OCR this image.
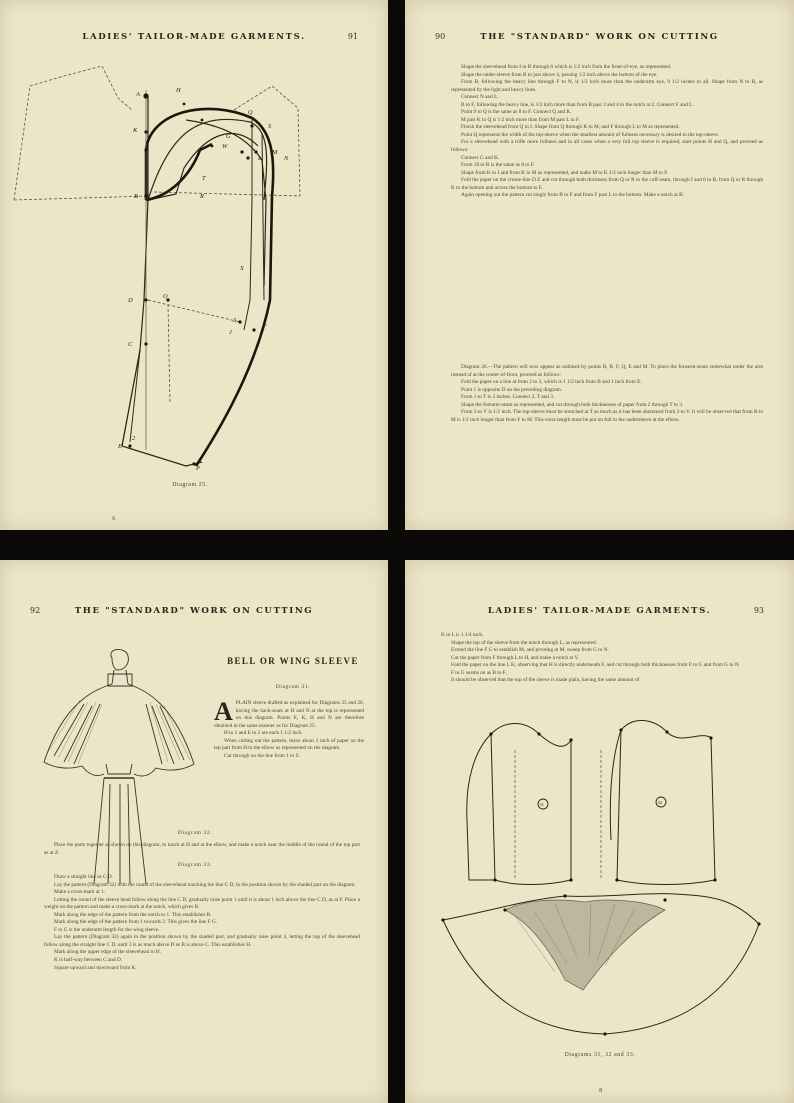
LADIES' TAILOR-MADE GARMENTS.	91
A
K
B
O
D
C
E
J
H
F
G
Q
S
P
M
T
N
L
R
3
2
X
W
Diagram 25.
6
90	THE "STANDARD" WORK ON CUTTING

Shape the sleevehead from I to B through 6 which is 1/2 inch from the front-of-eye, as represented.

Shape the under-sleeve from B to just above 4, passing 1/2 inch above the bottom of the eye.

From B, following the heavy line through F to N, is 1/2 inch more than the underarm eye, 9 1/2 inches in all. Shape from N to B, as represented by the light and heavy lines.

Connect N and L.

B to F, following the heavy line, is 1/2 inch more than from B past 3 and 4 to the notch at 2. Connect F and L.

Point 9 to Q is the same as 8 to F. Connect Q and K.

M past K to Q is 1/2 inch more than from M past L to F.

Finish the sleevehead from Q to I. Shape from Q through K to M, and F through L to M as represented.

Point Q represents the width of the top-sleeve when the smallest amount of fullness necessary is desired in the top-sleeve.

For a sleevehead with a trifle more fullness and in all cases when a very full top sleeve is required, start points H and Q, and proceed as follows:

Connect G and K.

From 10 to R is the same as 8 to F.

Shape from K to I and from K to M as represented, and make M to K 1/2 inch longer than M to F.

Fold the paper on the crease-line D Z and cut through both thickness from Q or R to the cuff-seam, through I and 6 to B, from Q or R through K to the bottom and across the bottom to E.

Again opening out the pattern cut singly from B to F and from F past L to the bottom. Make a notch at B.

Diagram 26.—The pattern will now appear as outlined by points R, B, F, Q, E and M. To place the forearm-seam somewhat under the arm instead of at the center-of-front, proceed as follows:

Fold the paper on a line at from 2 to 3, which is 1 1/2 inch from B and 1 inch from E.

Point 1 is opposite D on the preceding diagram.

From 1 to T is 2 inches. Connect 2, T and 3.

Shape the forearm-seam as represented, and cut through both thicknesses of paper from 2 through T to 3.

From 3 to V is 1/2 inch. The top-sleeve must be stretched at T as much as it has been shortened from 3 to V. It will be observed that from B to M is 1/2 inch longer than from F to M. This extra length must be put on full to the undersleeve at the elbow.

92	THE "STANDARD" WORK ON CUTTING
BELL OR WING SLEEVE
Diagram 31.

APLAIN sleeve drafted as explained for Diagrams 25 and 26, having the back-seam at H and N at the top is represented on this diagram. Points E, K, H and N are therefore obtained in the same manner as for Diagram 25.

H to 1 and E to 2 are each 1 1/2 inch.

When cutting out the pattern, leave about 1 inch of paper on the top part from H to the elbow as represented on the diagram.

Cut through on the line from 1 to Z.

Diagram 32.

Place the parts together as shown on this diagram, to touch at H and at the elbow, and make a notch near the middle of the round of the top part as at Z.

Diagram 33.

Draw a straight line as C D.

Lay the pattern (Diagram 32) with the round of the sleevehead touching the line C D, in the position shown by the shaded part on the diagram.

Make a cross-mark at 1.

Letting the round of the sleeve head follow along the line C D, gradually raise point 1 until it is about 1 inch above the line C D, as at F. Place a weight on the pattern and make a cross-mark at the notch, which gives B.

Mark along the edge of the pattern from the notch to 1. This establishes B.

Mark along the edge of the pattern from 1 towards 2. This gives the line F G.

F to G is the underarm length for the wing sleeve.

Lay the pattern (Diagram 32) again in the position shown by the shaded part, and gradually raise point 3, letting the top of the sleevehead follow along the straight line C D, until 3 is as much above D as B is above C. This establishes H.

Mark along the upper edge of the sleevehead to H.

K is half-way between C and D.

Square upward and downward from K.

LADIES' TAILOR-MADE GARMENTS.	93

K to L is 1 1/4 inch.

Shape the top of the sleeve from the notch through L, as represented.

Extend the line F G to establish M, and pivoting at M, sweep from G to N.

Cut the paper from F through L to H, and make a notch at V.

Fold the paper on the line L K, observing that H is directly underneath F, and cut through both thicknesses from F to G and from G to N.

F to G seams on as B to F.

It should be observed that the top of the sleeve is made plain, having the same amount of

31	32
Diagrams 31, 32 and 33.
8
